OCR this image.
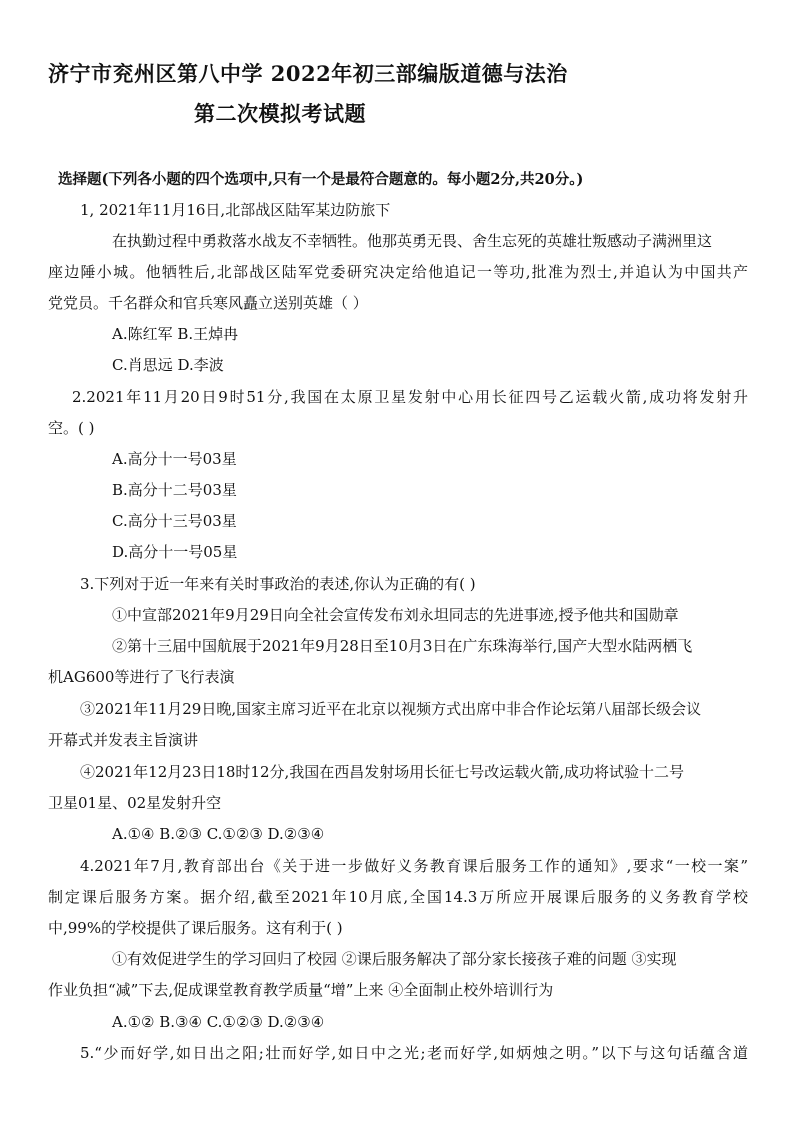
济宁市兖州区第八中学 2022年初三部编版道德与法治
第二次模拟考试题
选择题(下列各小题的四个选项中,只有一个是最符合题意的。每小题2分,共20分。)
1, 2021年11月16日,北部战区陆军某边防旅下
在执勤过程中勇救落水战友不幸牺牲。他那英勇无畏、舍生忘死的英雄壮叛感动子满洲里这
座边陲小城。他牺牲后,北部战区陆军党委研究决定给他追记一等功,批准为烈士,并追认为中国共产
党党员。千名群众和官兵寒风矗立送别英雄（ ）
A.陈红军 B.王焯冉
C.肖思远 D.李波
2.2021年11月20日9时51分,我国在太原卫星发射中心用长征四号乙运载火箭,成功将发射升
空。( )
A.高分十一号03星
B.高分十二号03星
C.高分十三号03星
D.高分十一号05星
3.下列对于近一年来有关时事政治的表述,你认为正确的有( )
①中宣部2021年9月29日向全社会宣传发布刘永坦同志的先进事迹,授予他共和国勋章
②第十三届中国航展于2021年9月28日至10月3日在广东珠海举行,国产大型水陆两栖飞
机AG600等进行了飞行表演
③2021年11月29日晚,国家主席习近平在北京以视频方式出席中非合作论坛第八届部长级会议
开幕式并发表主旨演讲
④2021年12月23日18时12分,我国在西昌发射场用长征七号改运载火箭,成功将试验十二号
卫星01星、02星发射升空
A.①④ B.②③ C.①②③ D.②③④
4.2021年7月,教育部出台《关于进一步做好义务教育课后服务工作的通知》,要求“一校一案”
制定课后服务方案。据介绍,截至2021年10月底,全国14.3万所应开展课后服务的义务教育学校
中,99%的学校提供了课后服务。这有利于( )
①有效促进学生的学习回归了校园 ②课后服务解决了部分家长接孩子难的问题 ③实现
作业负担“减”下去,促成课堂教育教学质量“增”上来 ④全面制止校外培训行为
A.①② B.③④ C.①②③ D.②③④
5.“少而好学,如日出之阳;壮而好学,如日中之光;老而好学,如炳烛之明。”以下与这句话蕴含道
